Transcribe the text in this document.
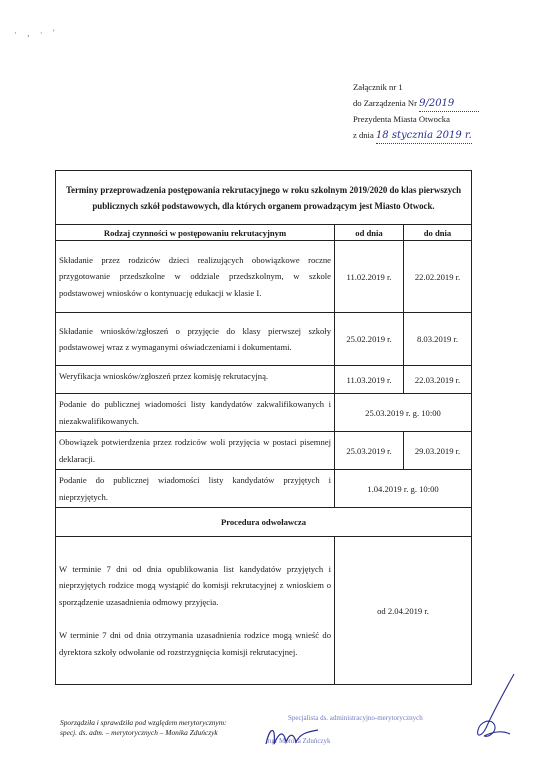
· , · '
Załącznik nr 1
do Zarządzenia Nr 9/2019
Prezydenta Miasta Otwocka
z dnia 18 stycznia 2019 r.
Terminy przeprowadzenia postępowania rekrutacyjnego w roku szkolnym 2019/2020 do klas pierwszych publicznych szkół podstawowych, dla których organem prowadzącym jest Miasto Otwock.		
Rodzaj czynności w postępowaniu rekrutacyjnym	od dnia	do dnia
Składanie przez rodziców dzieci realizujących obowiązkowe roczne przygotowanie przedszkolne w oddziale przedszkolnym, w szkole podstawowej wniosków o kontynuację edukacji w klasie I.	11.02.2019 r.	22.02.2019 r.
Składanie wniosków/zgłoszeń o przyjęcie do klasy pierwszej szkoły podstawowej wraz z wymaganymi oświadczeniami i dokumentami.	25.02.2019 r.	8.03.2019 r.
Weryfikacja wniosków/zgłoszeń przez komisję rekrutacyjną.	11.03.2019 r.	22.03.2019 r.
Podanie do publicznej wiadomości listy kandydatów zakwalifikowanych i niezakwalifikowanych.	25.03.2019 r. g. 10:00	
Obowiązek potwierdzenia przez rodziców woli przyjęcia w postaci pisemnej deklaracji.	25.03.2019 r.	29.03.2019 r.
Podanie do publicznej wiadomości listy kandydatów przyjętych i nieprzyjętych.	1.04.2019 r. g. 10:00	
Procedura odwoławcza		

W terminie 7 dni od dnia opublikowania list kandydatów przyjętych i nieprzyjętych rodzice mogą wystąpić do komisji rekrutacyjnej z wnioskiem o sporządzenie uzasadnienia odmowy przyjęcia.

W terminie 7 dni od dnia otrzymania uzasadnienia rodzice mogą wnieść do dyrektora szkoły odwołanie od rozstrzygnięcia komisji rekrutacyjnej.	od 2.04.2019 r.	
Sporządziła i sprawdziła pod względem merytorycznym:
specj. ds. adm. – merytorycznych – Monika Zduńczyk
Specjalista ds. administracyjno-merytorycznych
mgr Monika Zduńczyk
